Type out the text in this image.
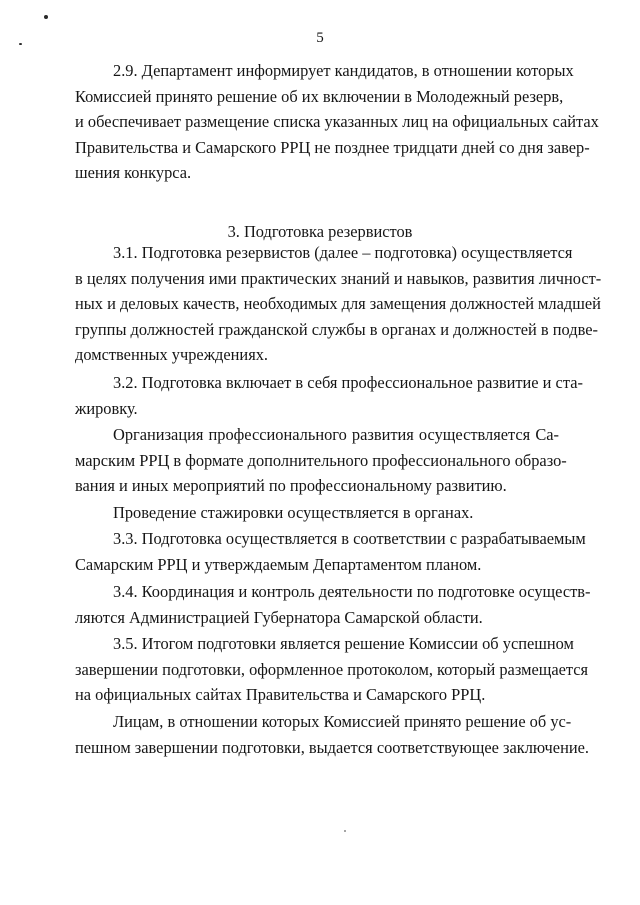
5
2.9. Департамент информирует кандидатов, в отношении которых
Комиссией принято решение об их включении в Молодежный резерв,
и обеспечивает размещение списка указанных лиц на официальных сайтах
Правительства и Самарского РРЦ не позднее тридцати дней со дня завер-
шения конкурса.
3. Подготовка резервистов
3.1. Подготовка резервистов (далее – подготовка) осуществляется
в целях получения ими практических знаний и навыков, развития личност-
ных и деловых качеств, необходимых для замещения должностей младшей
группы должностей гражданской службы в органах и должностей в подве-
домственных учреждениях.
3.2. Подготовка включает в себя профессиональное развитие и ста-
жировку.
Организация профессионального развития осуществляется Са-
марским РРЦ в формате дополнительного профессионального образо-
вания и иных мероприятий по профессиональному развитию.
Проведение стажировки осуществляется в органах.
3.3. Подготовка осуществляется в соответствии с разрабатываемым
Самарским РРЦ и утверждаемым Департаментом планом.
3.4. Координация и контроль деятельности по подготовке осуществ-
ляются Администрацией Губернатора Самарской области.
3.5. Итогом подготовки является решение Комиссии об успешном
завершении подготовки, оформленное протоколом, который размещается
на официальных сайтах Правительства и Самарского РРЦ.
Лицам, в отношении которых Комиссией принято решение об ус-
пешном завершении подготовки, выдается соответствующее заключение.
